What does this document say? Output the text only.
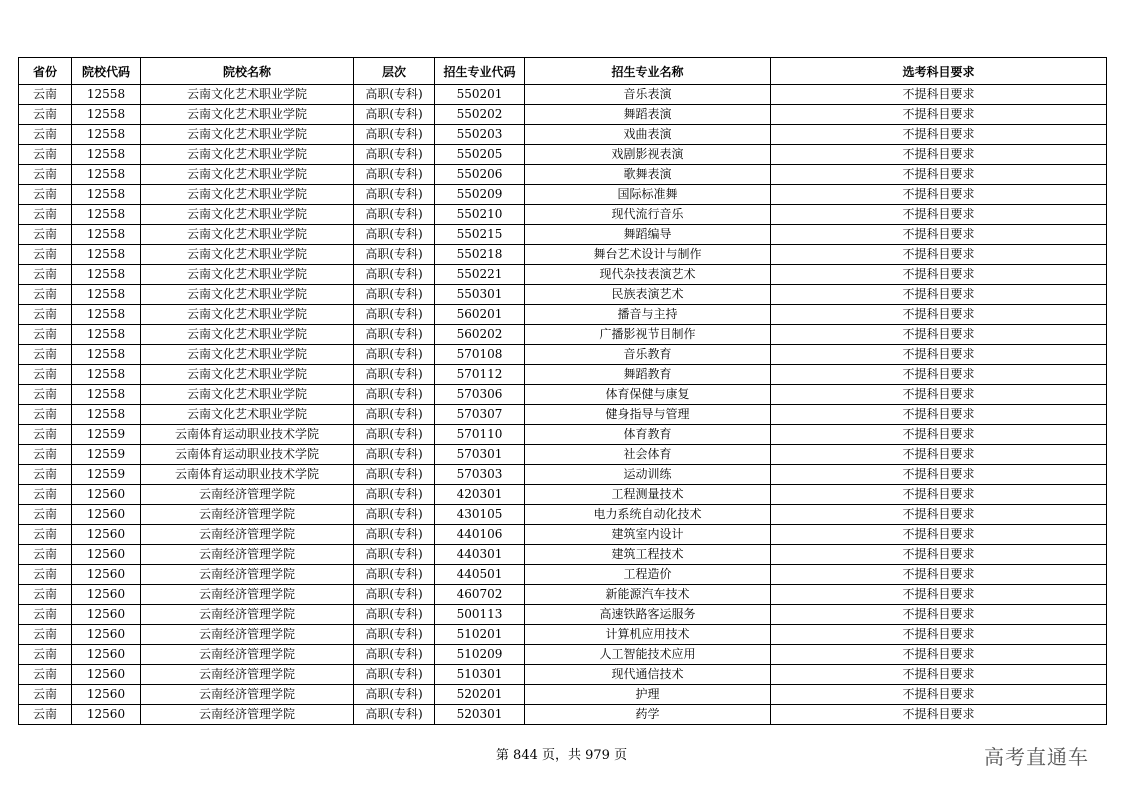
省份	院校代码	院校名称	层次	招生专业代码	招生专业名称	选考科目要求
云南	12558	云南文化艺术职业学院	高职(专科)	550201	音乐表演	不提科目要求
云南	12558	云南文化艺术职业学院	高职(专科)	550202	舞蹈表演	不提科目要求
云南	12558	云南文化艺术职业学院	高职(专科)	550203	戏曲表演	不提科目要求
云南	12558	云南文化艺术职业学院	高职(专科)	550205	戏剧影视表演	不提科目要求
云南	12558	云南文化艺术职业学院	高职(专科)	550206	歌舞表演	不提科目要求
云南	12558	云南文化艺术职业学院	高职(专科)	550209	国际标准舞	不提科目要求
云南	12558	云南文化艺术职业学院	高职(专科)	550210	现代流行音乐	不提科目要求
云南	12558	云南文化艺术职业学院	高职(专科)	550215	舞蹈编导	不提科目要求
云南	12558	云南文化艺术职业学院	高职(专科)	550218	舞台艺术设计与制作	不提科目要求
云南	12558	云南文化艺术职业学院	高职(专科)	550221	现代杂技表演艺术	不提科目要求
云南	12558	云南文化艺术职业学院	高职(专科)	550301	民族表演艺术	不提科目要求
云南	12558	云南文化艺术职业学院	高职(专科)	560201	播音与主持	不提科目要求
云南	12558	云南文化艺术职业学院	高职(专科)	560202	广播影视节目制作	不提科目要求
云南	12558	云南文化艺术职业学院	高职(专科)	570108	音乐教育	不提科目要求
云南	12558	云南文化艺术职业学院	高职(专科)	570112	舞蹈教育	不提科目要求
云南	12558	云南文化艺术职业学院	高职(专科)	570306	体育保健与康复	不提科目要求
云南	12558	云南文化艺术职业学院	高职(专科)	570307	健身指导与管理	不提科目要求
云南	12559	云南体育运动职业技术学院	高职(专科)	570110	体育教育	不提科目要求
云南	12559	云南体育运动职业技术学院	高职(专科)	570301	社会体育	不提科目要求
云南	12559	云南体育运动职业技术学院	高职(专科)	570303	运动训练	不提科目要求
云南	12560	云南经济管理学院	高职(专科)	420301	工程测量技术	不提科目要求
云南	12560	云南经济管理学院	高职(专科)	430105	电力系统自动化技术	不提科目要求
云南	12560	云南经济管理学院	高职(专科)	440106	建筑室内设计	不提科目要求
云南	12560	云南经济管理学院	高职(专科)	440301	建筑工程技术	不提科目要求
云南	12560	云南经济管理学院	高职(专科)	440501	工程造价	不提科目要求
云南	12560	云南经济管理学院	高职(专科)	460702	新能源汽车技术	不提科目要求
云南	12560	云南经济管理学院	高职(专科)	500113	高速铁路客运服务	不提科目要求
云南	12560	云南经济管理学院	高职(专科)	510201	计算机应用技术	不提科目要求
云南	12560	云南经济管理学院	高职(专科)	510209	人工智能技术应用	不提科目要求
云南	12560	云南经济管理学院	高职(专科)	510301	现代通信技术	不提科目要求
云南	12560	云南经济管理学院	高职(专科)	520201	护理	不提科目要求
云南	12560	云南经济管理学院	高职(专科)	520301	药学	不提科目要求
第 844 页，共 979 页	高考直通车
